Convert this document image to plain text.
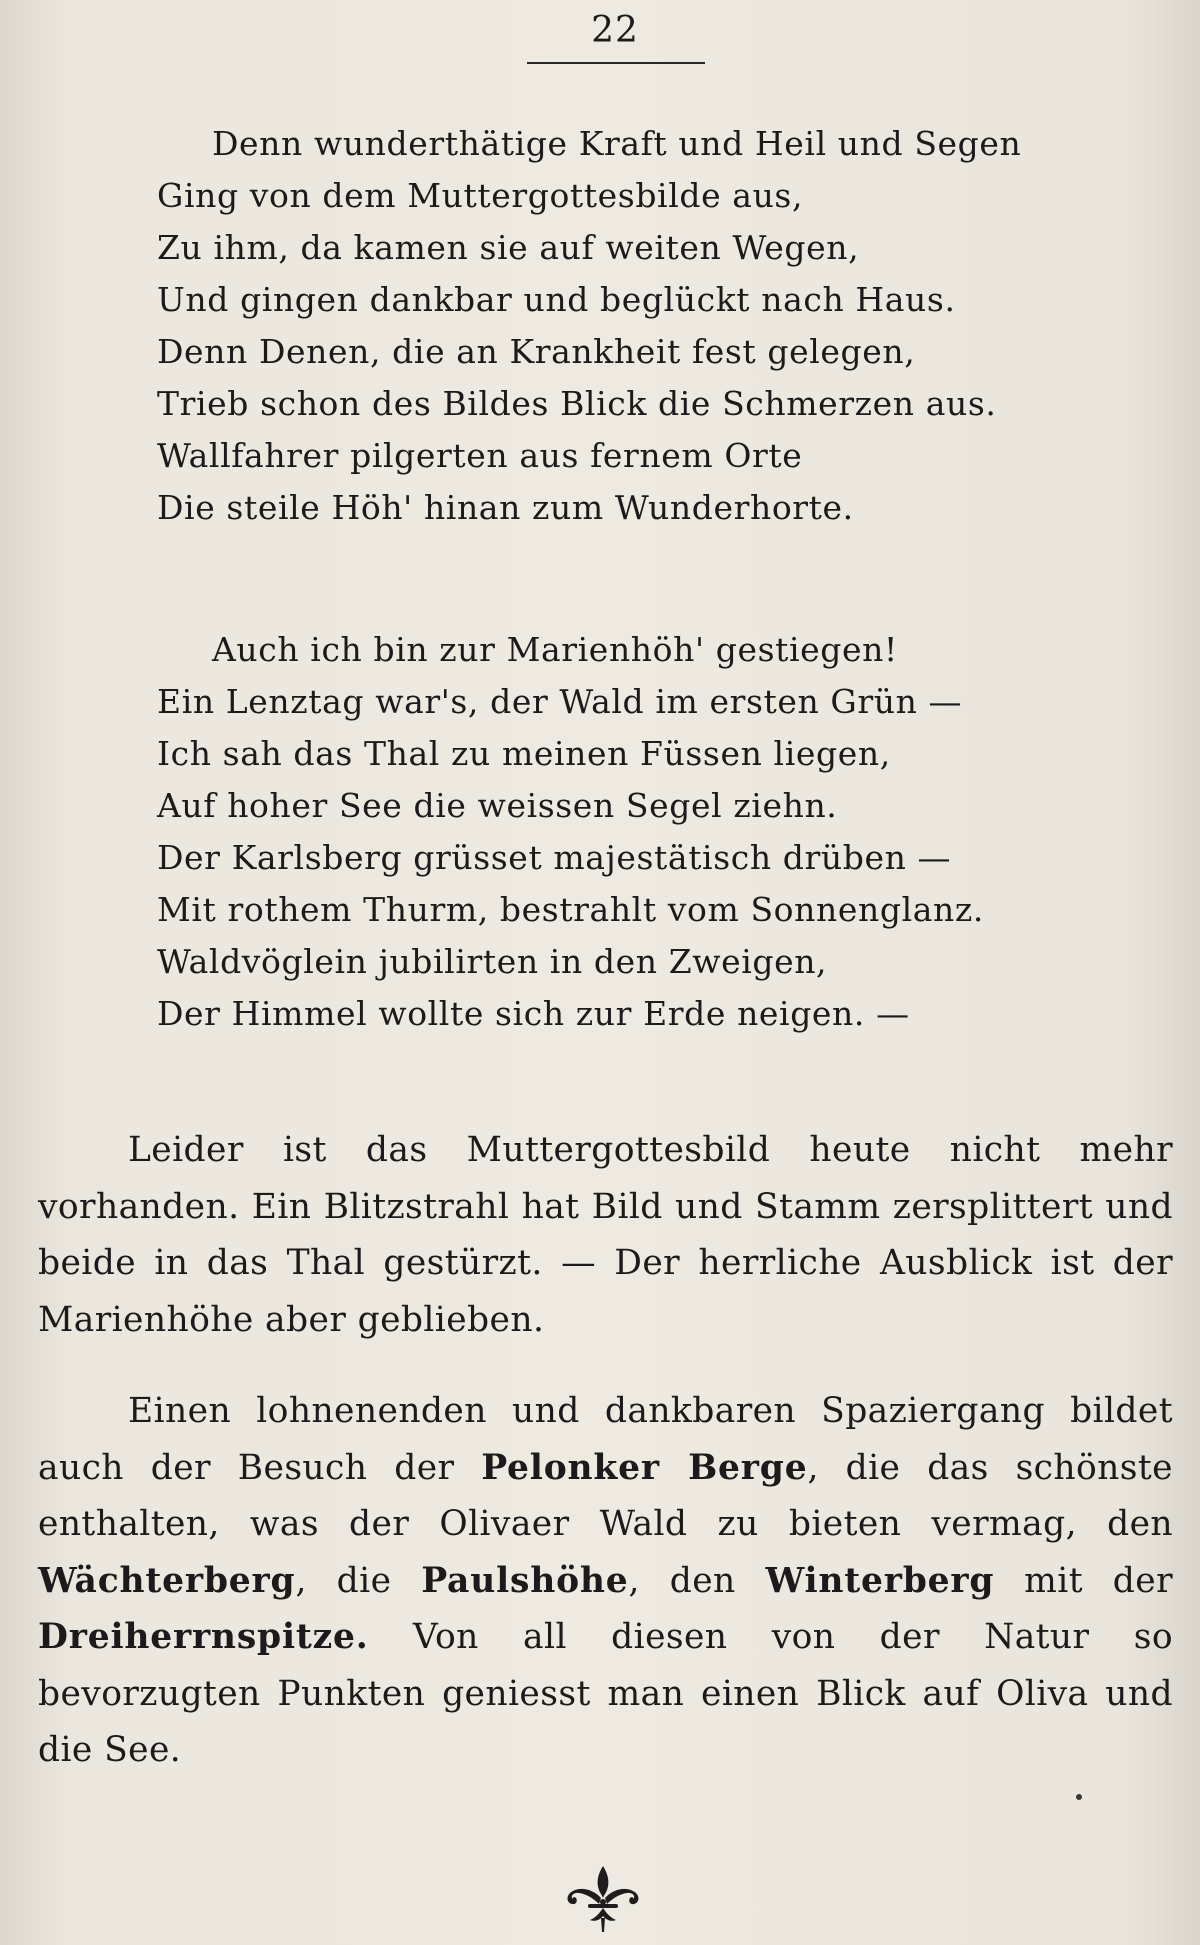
22
Denn wunderthätige Kraft und Heil und Segen
Ging von dem Muttergottesbilde aus,
Zu ihm, da kamen sie auf weiten Wegen,
Und gingen dankbar und beglückt nach Haus.
Denn Denen, die an Krankheit fest gelegen,
Trieb schon des Bildes Blick die Schmerzen aus.
Wallfahrer pilgerten aus fernem Orte
Die steile Höh' hinan zum Wunderhorte.
Auch ich bin zur Marienhöh' gestiegen!
Ein Lenztag war's, der Wald im ersten Grün —
Ich sah das Thal zu meinen Füssen liegen,
Auf hoher See die weissen Segel ziehn.
Der Karlsberg grüsset majestätisch drüben —
Mit rothem Thurm, bestrahlt vom Sonnenglanz.
Waldvöglein jubilirten in den Zweigen,
Der Himmel wollte sich zur Erde neigen. —

Leider ist das Muttergottesbild heute nicht mehr vorhanden. Ein Blitzstrahl hat Bild und Stamm zersplittert und beide in das Thal gestürzt. — Der herrliche Ausblick ist der Marienhöhe aber geblieben.

Einen lohnenenden und dankbaren Spaziergang bildet auch der Besuch der Pelonker Berge, die das schönste enthalten, was der Olivaer Wald zu bieten vermag, den Wächterberg, die Paulshöhe, den Winterberg mit der Dreiherrnspitze. Von all diesen von der Natur so bevorzugten Punkten geniesst man einen Blick auf Oliva und die See.
